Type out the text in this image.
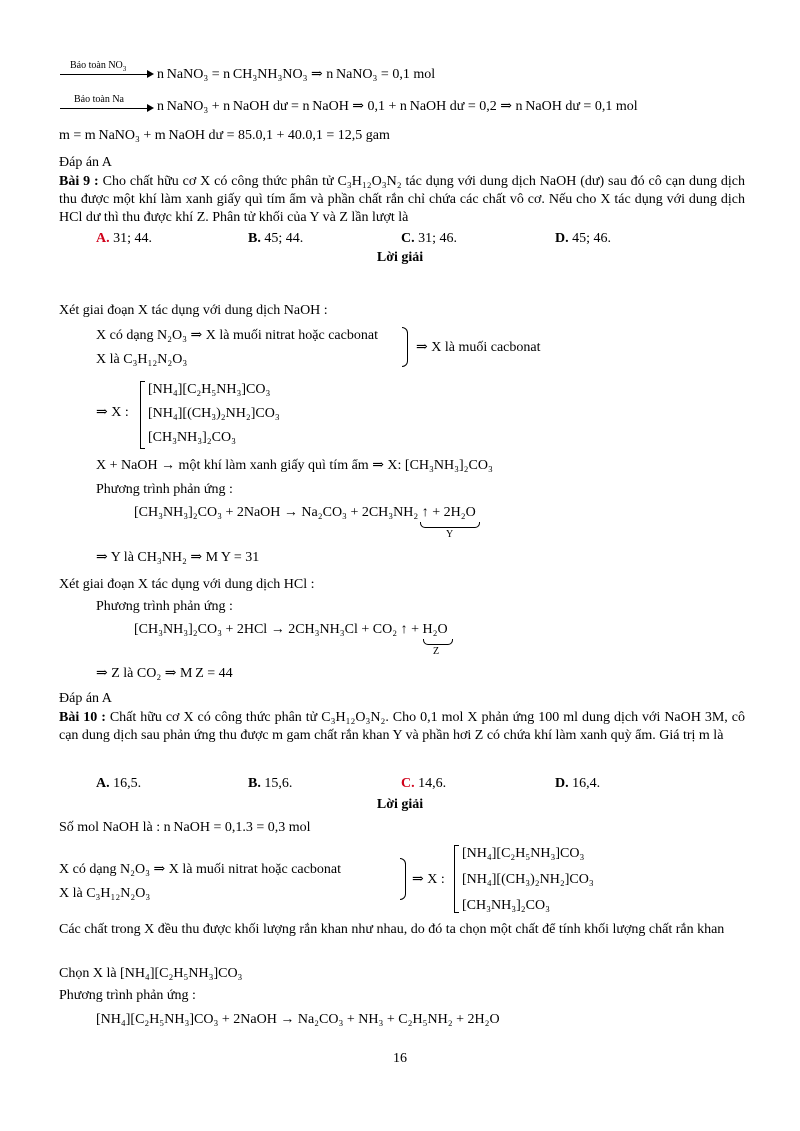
Bảo toàn $NO_3$ n NaNO₃ = n CH₃NH₃NO₃ ⇒ n NaNO₃ = 0,1 mol
Bảo toàn Na n NaNO₃ + n NaOH dư = n NaOH ⇒ 0,1 + n NaOH dư = 0,2 ⇒ n NaOH dư = 0,1 mol
m = m NaNO₃ + m NaOH dư = 85.0,1 + 40.0,1 = 12,5 gam
Đáp án A
Bài 9 : Cho chất hữu cơ X có công thức phân tử C₃H₁₂O₃N₂ tác dụng với dung dịch NaOH (dư) sau đó cô cạn dung dịch thu được một khí làm xanh giấy quì tím ẩm và phần chất rắn chỉ chứa các chất vô cơ. Nếu cho X tác dụng với dung dịch HCl dư thì thu được khí Z. Phân tử khối của Y và Z lần lượt là
A. 31; 44.	B. 45; 44.	C. 31; 46.	D. 45; 46.
Lời giải
Xét giai đoạn X tác dụng với dung dịch NaOH :
X có dạng N₂O₃ ⇒ X là muối nitrat hoặc cacbonat
X là C₃H₁₂N₂O₃
⇒ X là muối cacbonat
⇒ X :
[NH₄][C₂H₅NH₃]CO₃
[NH₄][(CH₃)₂NH₂]CO₃
[CH₃NH₃]₂CO₃
X + NaOH → một khí làm xanh giấy quì tím ẩm ⇒ X: [CH₃NH₃]₂CO₃
Phương trình phản ứng :
[CH₃NH₃]₂CO₃ + 2NaOH → Na₂CO₃ + 2CH₃NH₂ ↑ + 2H₂O
Y
⇒ Y là CH₃NH₂ ⇒ M Y = 31
Xét giai đoạn X tác dụng với dung dịch HCl :
Phương trình phản ứng :
[CH₃NH₃]₂CO₃ + 2HCl → 2CH₃NH₃Cl + CO₂ ↑ + H₂O
Z
⇒ Z là CO₂ ⇒ M Z = 44
Đáp án A
Bài 10 : Chất hữu cơ X có công thức phân tử C₃H₁₂O₃N₂. Cho 0,1 mol X phản ứng 100 ml dung dịch với NaOH 3M, cô cạn dung dịch sau phản ứng thu được m gam chất rắn khan Y và phần hơi Z có chứa khí làm xanh quỳ ẩm. Giá trị m là
A. 16,5.	B. 15,6.	C. 14,6.	D. 16,4.
Lời giải
Số mol NaOH là : n NaOH = 0,1.3 = 0,3 mol
X có dạng N₂O₃ ⇒ X là muối nitrat hoặc cacbonat
X là C₃H₁₂N₂O₃
⇒ X :
[NH₄][C₂H₅NH₃]CO₃
[NH₄][(CH₃)₂NH₂]CO₃
[CH₃NH₃]₂CO₃
Các chất trong X đều thu được khối lượng rắn khan như nhau, do đó ta chọn một chất để tính khối lượng chất rắn khan
Chọn X là [NH₄][C₂H₅NH₃]CO₃
Phương trình phản ứng :
[NH₄][C₂H₅NH₃]CO₃ + 2NaOH → Na₂CO₃ + NH₃ + C₂H₅NH₂ + 2H₂O
16
